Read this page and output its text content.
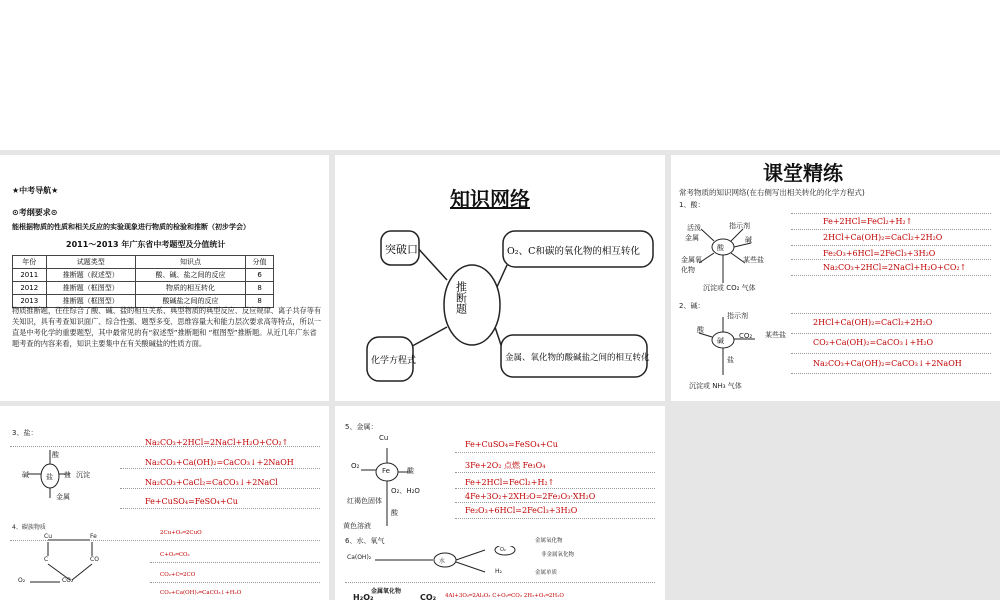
★中考导航★
⊙考纲要求⊙
能根据物质的性质和相关反应的实验现象进行物质的检验和推断（初步学会）
2011～2013 年广东省中考题型及分值统计
年份	试题类型	知识点	分值
2011	推断题（叙述型）	酸、碱、盐之间的反应	6
2012	推断题（框图型）	物质的相互转化	8
2013	推断题（框图型）	酸碱盐之间的反应	8
物质推断题，往往综合了酸、碱、盐的相互关系、典型物质的典型反应、反应规律、离子共存等有关知识，具有考查知识面广、综合性强、题型多变、思维容量大和能力层次要求高等特点，所以一直是中考化学的重要题型，其中最常见的有“叙述型”推断题和 “框图型”推断题。从近几年广东省题考查的内容来看，知识主要集中在有关酸碱盐的性质方面。
知识网络
推断题
突破口
化学方程式
O₂、C和碳的氧化物的相互转化
金属、氧化物的酸碱盐之间的相互转化
课堂精练
常考物质的知识网络(在右侧写出相关转化的化学方程式)
1、酸：
酸
活泼
金属
指示剂
碱
金属氧
化物
某些盐
沉淀或 CO₂ 气体
Fe+2HCl=FeCl₂+H₂↑
2HCl+Ca(OH)₂=CaCl₂+2H₂O
Fe₂O₃+6HCl=2FeCl₃+3H₂O
Na₂CO₃+2HCl=2NaCl+H₂O+CO₂↑
2、碱：
碱
指示剂
酸
CO₂ 某些盐
盐
沉淀或 NH₃ 气体
2HCl+Ca(OH)₂=CaCl₂+2H₂O
CO₂+Ca(OH)₂=CaCO₃↓+H₂O
Na₂CO₃+Ca(OH)₂=CaCO₃↓+2NaOH
3、盐：
盐
酸
碱	盐 沉淀
金属
Na₂CO₃+2HCl=2NaCl+H₂O+CO₂↑
Na₂CO₃+Ca(OH)₂=CaCO₃↓+2NaOH
Na₂CO₃+CaCl₂=CaCO₃↓+2NaCl
Fe+CuSO₄=FeSO₄+Cu
4、碳族物质
Cu	Fe
C	CO
O₂	CO₂
2Cu+O₂═2CuO
C+O₂═CO₂
CO₂+C═2CO
CO₂+Ca(OH)₂═CaCO₃↓+H₂O
5、金属：
Fe
Cu
O₂
酸
O₂、H₂O
红褐色固体
黄色溶液
酸
Fe+CuSO₄=FeSO₄+Cu
3Fe+2O₂ 点燃 Fe₃O₄
Fe+2HCl=FeCl₂+H₂↑
4Fe+3O₂+2XH₂O=2Fe₂O₃·XH₂O
Fe₂O₃+6HCl=2FeCl₃+3H₂O
6、水、氧气
水
Ca(OH)₂
O₂
H₂
非金属氧化物
金属氧化物
金属单质
金属氧化物
H₂O₂	CO₂ 4Al+3O₂═2Al₂O₃ C+O₂═CO₂ 2H₂+O₂═2H₂O
